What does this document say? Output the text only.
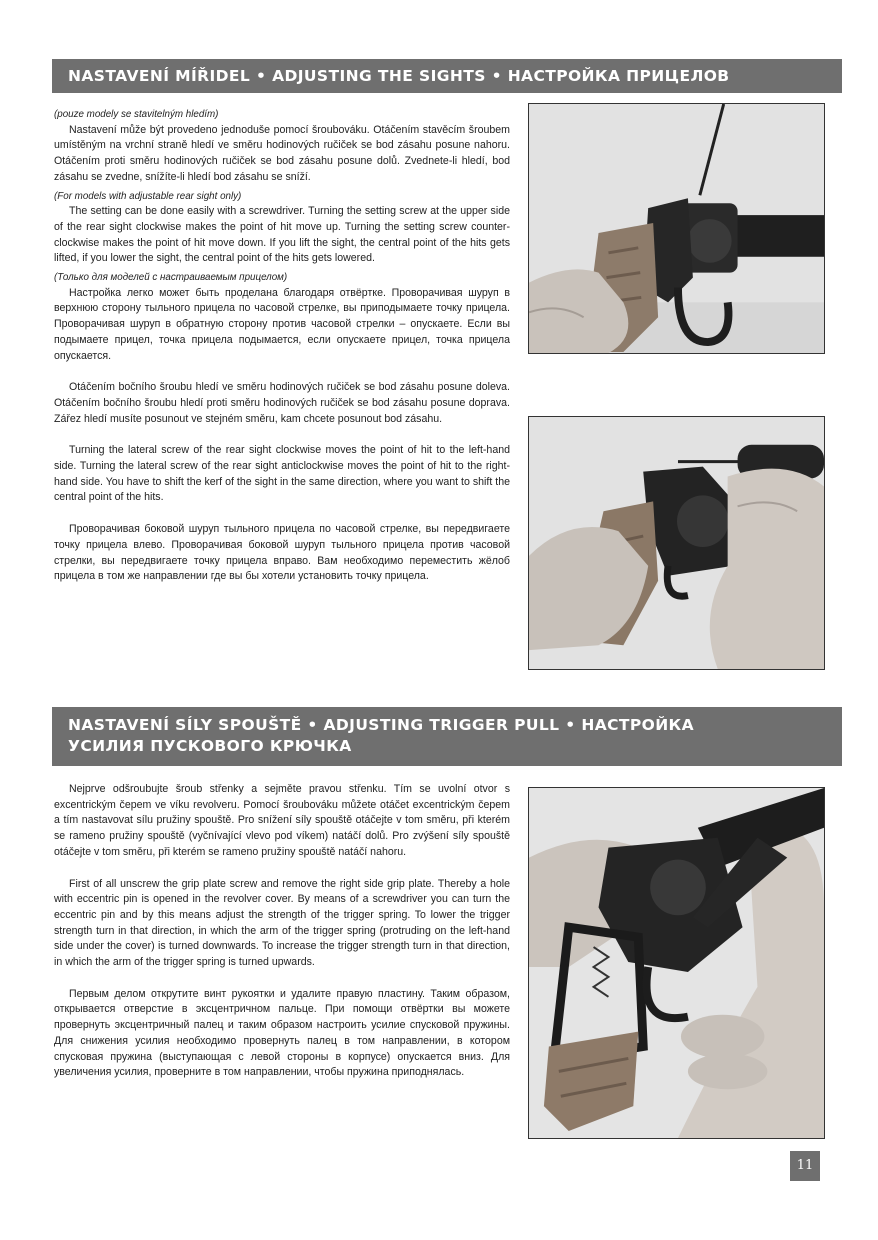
NASTAVENÍ MÍŘIDEL • ADJUSTING THE SIGHTS • НАСТРОЙКА ПРИЦЕЛОВ

(pouze modely se stavitelným hledím)

Nastavení může být provedeno jednoduše pomocí šroubováku. Otáčením stavěcím šroubem umístěným na vrchní straně hledí ve směru hodinových ručiček se bod zásahu posune nahoru. Otáčením proti směru hodinových ručiček se bod zásahu posune dolů. Zvednete-li hledí, bod zásahu se zvedne, snížíte-li hledí bod zásahu se sníží.

(For models with adjustable rear sight only)

The setting can be done easily with a screwdriver. Turning the setting screw at the upper side of the rear sight clockwise makes the point of hit move up. Turning the setting screw counter-clockwise makes the point of hit move down. If you lift the sight, the central point of the hits gets lifted, if you lower the sight, the central point of the hits gets lowered.

(Только для моделей с настраиваемым прицелом)

Настройка легко может быть проделана благодаря отвёртке. Проворачивая шуруп в верхнюю сторону тыльного прицела по часовой стрелке, вы приподымаете точку прицела. Проворачивая шуруп в обратную сторону против часовой стрелки – опускаете. Если вы подымаете прицел, точка прицела подымается, если опускаете прицел, точка прицела опускается.

Otáčením bočního šroubu hledí ve směru hodinových ručiček se bod zásahu posune doleva. Otáčením bočního šroubu hledí proti směru hodinových ručiček se bod zásahu posune doprava. Zářez hledí musíte posunout ve stejném směru, kam chcete posunout bod zásahu.

Turning the lateral screw of the rear sight clockwise moves the point of hit to the left-hand side. Turning the lateral screw of the rear sight anticlockwise moves the point of hit to the right-hand side. You have to shift the kerf of the sight in the same direction, where you want to shift the central point of the hits.

Проворачивая боковой шуруп тыльного прицела по часовой стрелке, вы передвигаете точку прицела влево. Проворачивая боковой шуруп тыльного прицела против часовой стрелки, вы передвигаете точку прицела вправо. Вам необходимо переместить жёлоб прицела в том же направлении где вы бы хотели установить точку прицела.

NASTAVENÍ SÍLY SPOUŠTĚ • ADJUSTING TRIGGER PULL • НАСТРОЙКА
УСИЛИЯ ПУСКОВОГО КРЮЧКА

Nejprve odšroubujte šroub střenky a sejměte pravou střenku. Tím se uvolní otvor s excentrickým čepem ve víku revolveru. Pomocí šroubováku můžete otáčet excentrickým čepem a tím nastavovat sílu pružiny spouště. Pro snížení síly spouště otáčejte v tom směru, při kterém se rameno pružiny spouště (vyčnívající vlevo pod víkem) natáčí dolů. Pro zvýšení síly spouště otáčejte v tom směru, při kterém se rameno pružiny spouště natáčí nahoru.

First of all unscrew the grip plate screw and remove the right side grip plate. Thereby a hole with eccentric pin is opened in the revolver cover. By means of a screwdriver you can turn the eccentric pin and by this means adjust the strength of the trigger spring. To lower the trigger strength turn in that direction, in which the arm of the trigger spring (protruding on the left-hand side under the cover) is turned downwards. To increase the trigger strength turn in that direction, in which the arm of the trigger spring is turned upwards.

Первым делом открутите винт рукоятки и удалите правую пластину. Таким образом, открывается отверстие в эксцентричном пальце. При помощи отвёртки вы можете провернуть эксцентричный палец и таким образом настроить усилие спусковой пружины. Для снижения усилия необходимо провернуть палец в том направлении, в котором спусковая пружина (выступающая с левой стороны в корпусе) опускается вниз. Для увеличения усилия, проверните в том направлении, чтобы пружина приподнялась.

11
